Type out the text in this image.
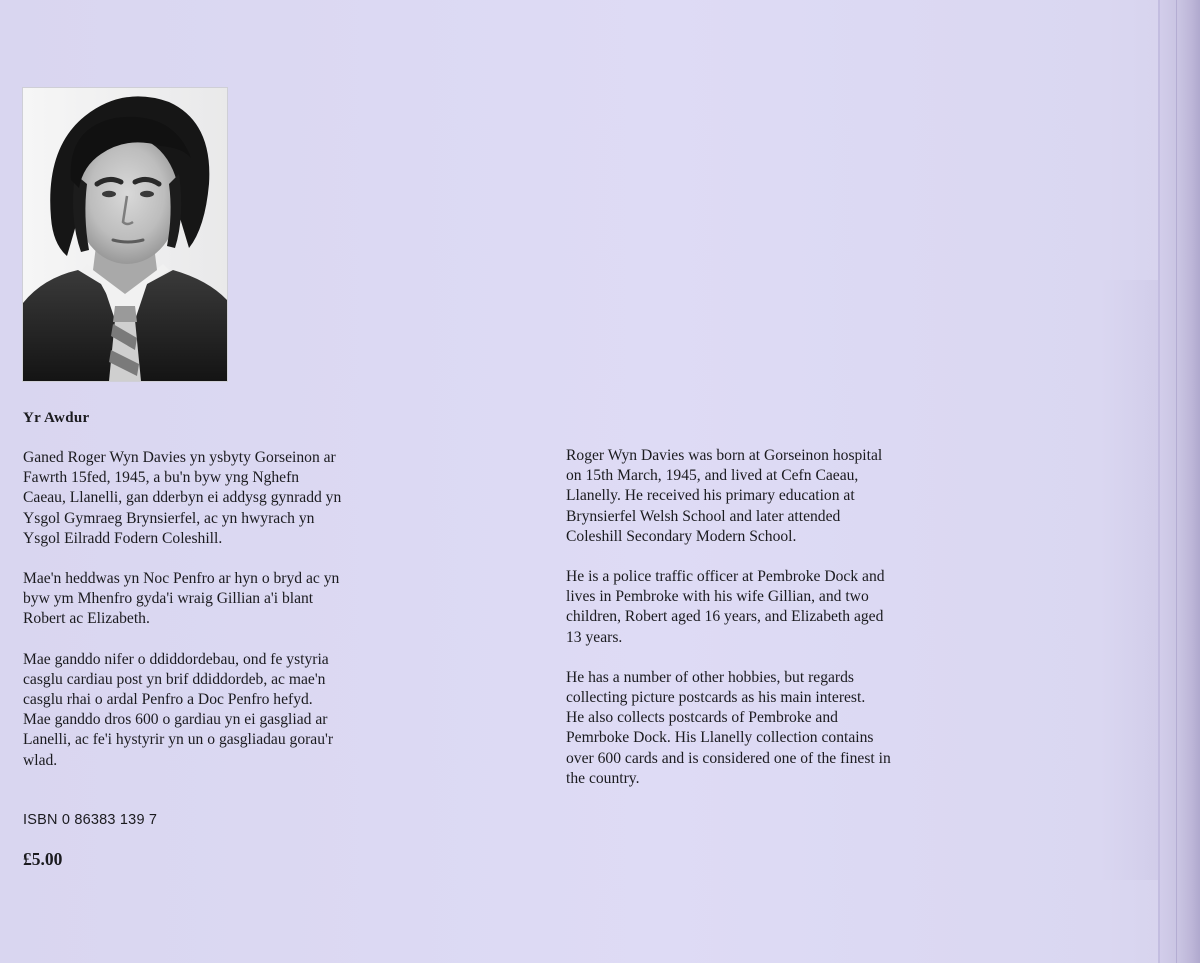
Yr Awdur

Ganed Roger Wyn Davies yn ysbyty Gorseinon ar
Fawrth 15fed, 1945, a bu'n byw yng Nghefn
Caeau, Llanelli, gan dderbyn ei addysg gynradd yn
Ysgol Gymraeg Brynsierfel, ac yn hwyrach yn
Ysgol Eilradd Fodern Coleshill.

Mae'n heddwas yn Noc Penfro ar hyn o bryd ac yn
byw ym Mhenfro gyda'i wraig Gillian a'i blant
Robert ac Elizabeth.

Mae ganddo nifer o ddiddordebau, ond fe ystyria
casglu cardiau post yn brif ddiddordeb, ac mae'n
casglu rhai o ardal Penfro a Doc Penfro hefyd.
Mae ganddo dros 600 o gardiau yn ei gasgliad ar
Lanelli, ac fe'i hystyrir yn un o gasgliadau gorau'r
wlad.

Roger Wyn Davies was born at Gorseinon hospital
on 15th March, 1945, and lived at Cefn Caeau,
Llanelly. He received his primary education at
Brynsierfel Welsh School and later attended
Coleshill Secondary Modern School.

He is a police traffic officer at Pembroke Dock and
lives in Pembroke with his wife Gillian, and two
children, Robert aged 16 years, and Elizabeth aged
13 years.

He has a number of other hobbies, but regards
collecting picture postcards as his main interest.
He also collects postcards of Pembroke and
Pemrboke Dock. His Llanelly collection contains
over 600 cards and is considered one of the finest in
the country.

ISBN 0 86383 139 7
£5.00
